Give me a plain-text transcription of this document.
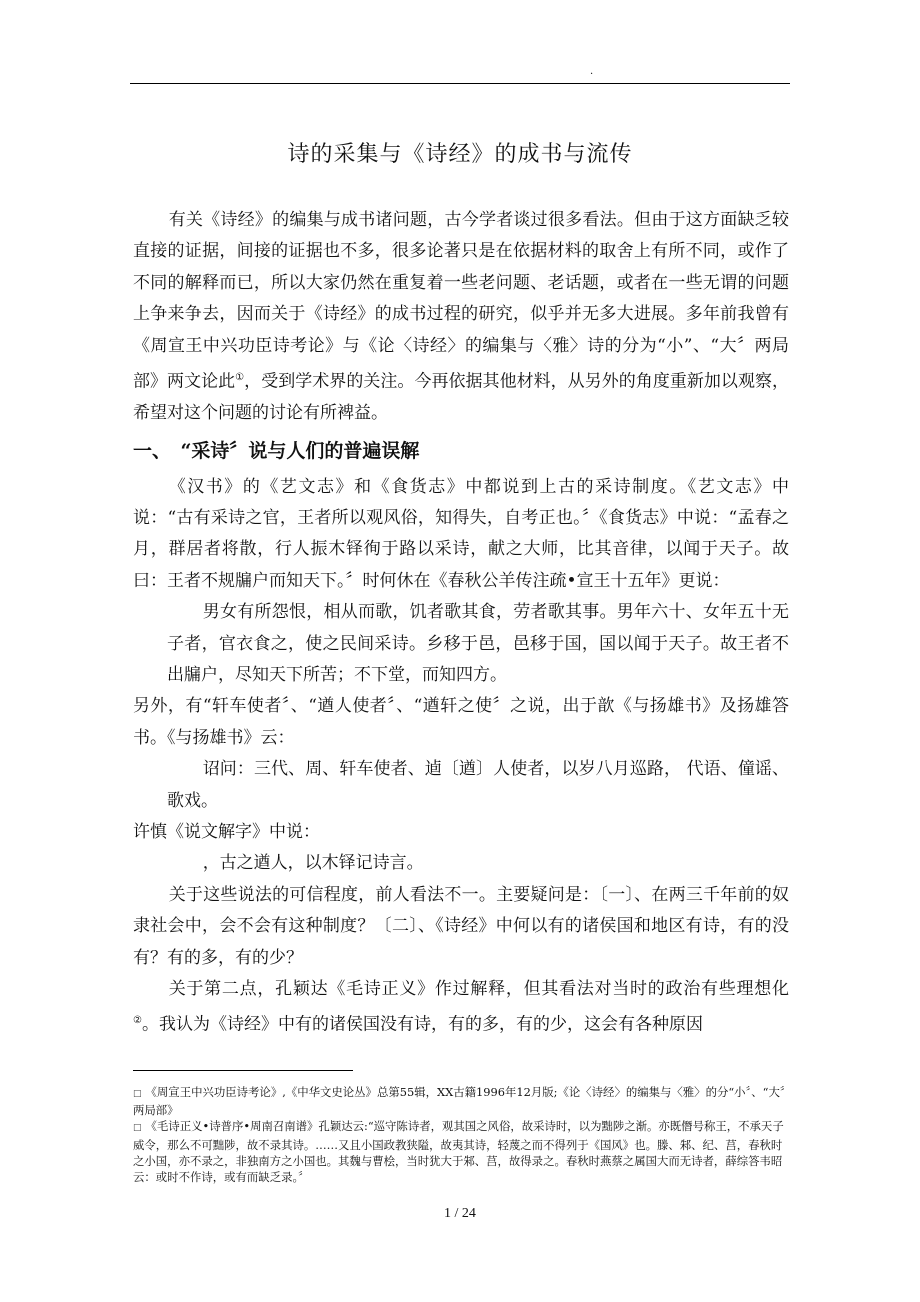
.
诗的采集与《诗经》的成书与流传

有关《诗经》的编集与成书诸问题，古今学者谈过很多看法。但由于这方面缺乏较直接的证据，间接的证据也不多，很多论著只是在依据材料的取舍上有所不同，或作了不同的解释而已，所以大家仍然在重复着一些老问题、老话题，或者在一些无谓的问题上争来争去，因而关于《诗经》的成书过程的研究，似乎并无多大进展。多年前我曾有《周宣王中兴功臣诗考论》与《论〈诗经〉的编集与〈雅〉诗的分为“小”、“大〞两局部》两文论此①，受到学术界的关注。今再依据其他材料，从另外的角度重新加以观察，希望对这个问题的讨论有所裨益。

一、　“采诗〞说与人们的普遍误解

《汉书》的《艺文志》和《食货志》中都说到上古的采诗制度。《艺文志》中说：“古有采诗之官，王者所以观风俗，知得失，自考正也。〞《食货志》中说：“孟春之月，群居者将散，行人振木铎徇于路以采诗，献之大师，比其音律，以闻于天子。故曰：王者不规牖户而知天下。〞时何休在《春秋公羊传注疏•宣王十五年》更说：

男女有所怨恨，相从而歌，饥者歌其食，劳者歌其事。男年六十、女年五十无子者，官衣食之，使之民间采诗。乡移于邑，邑移于国，国以闻于天子。故王者不出牖户，尽知天下所苦；不下堂，而知四方。

另外，有“轩车使者〞、“遒人使者〞、“遒轩之使〞之说，出于歆《与扬雄书》及扬雄答书。《与扬雄书》云：

诏问：三代、周、轩车使者、逌〔遒〕人使者，以岁八月巡路， 代语、僮谣、歌戏。

许慎《说文解字》中说：

，古之遒人，以木铎记诗言。

关于这些说法的可信程度，前人看法不一。主要疑问是：〔一〕、在两三千年前的奴隶社会中，会不会有这种制度？〔二〕、《诗经》中何以有的诸侯国和地区有诗，有的没有？有的多，有的少？

关于第二点，孔颖达《毛诗正义》作过解释，但其看法对当时的政治有些理想化②。我认为《诗经》中有的诸侯国没有诗，有的多，有的少，这会有各种原因

□ 《周宣王中兴功臣诗考论》,《中华文史论丛》总第55辑，XX古籍1996年12月版;《论〈诗经〉的编集与〈雅〉的分“小〞、“大〞两局部》

□ 《毛诗正义•诗普序•周南召南谱》孔颖达云:“巡守陈诗者，观其国之风俗，故采诗时，以为黜陟之渐。亦既僭号称王，不承天子威令，那么不可黜陟，故不录其诗。……又且小国政教狭隘，故夷其诗，轻蔑之而不得列于《国风》也。滕、邾、纪、莒，春秋时之小国，亦不录之，非独南方之小国也。其魏与曹桧，当时犹大于邾、莒，故得录之。春秋时燕蔡之属国大而无诗者，薛综答韦昭云：或时不作诗，或有而缺乏录。〞

1 / 24
